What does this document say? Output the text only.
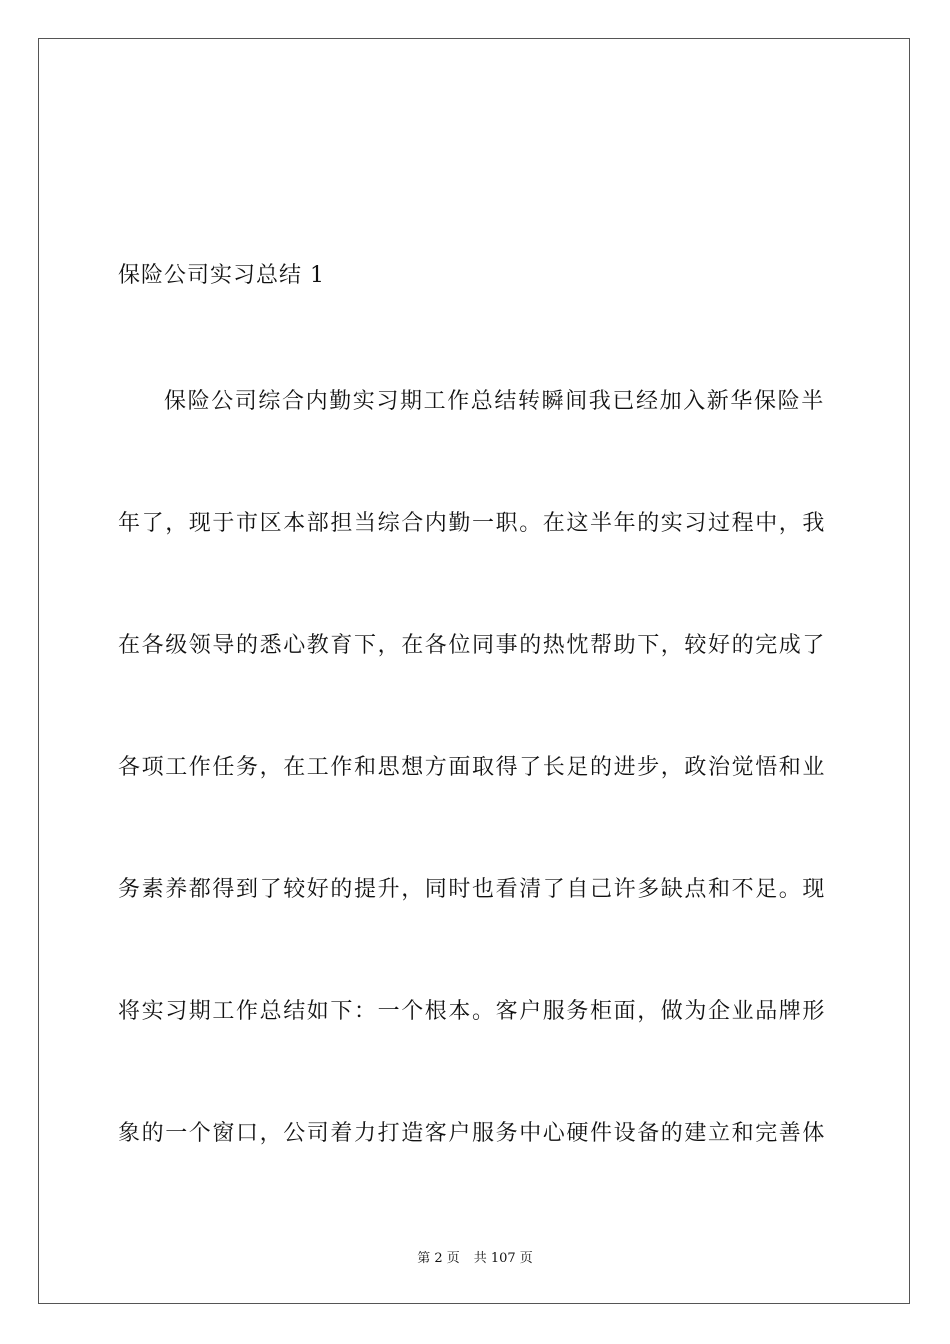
保险公司实习总结 1
保险公司综合内勤实习期工作总结转瞬间我已经加入新华保险半
年了，现于市区本部担当综合内勤一职。在这半年的实习过程中，我
在各级领导的悉心教育下，在各位同事的热忱帮助下，较好的完成了
各项工作任务，在工作和思想方面取得了长足的进步，政治觉悟和业
务素养都得到了较好的提升，同时也看清了自己许多缺点和不足。现
将实习期工作总结如下：一个根本。客户服务柜面，做为企业品牌形
象的一个窗口，公司着力打造客户服务中心硬件设备的建立和完善体
第 2 页 共 107 页
